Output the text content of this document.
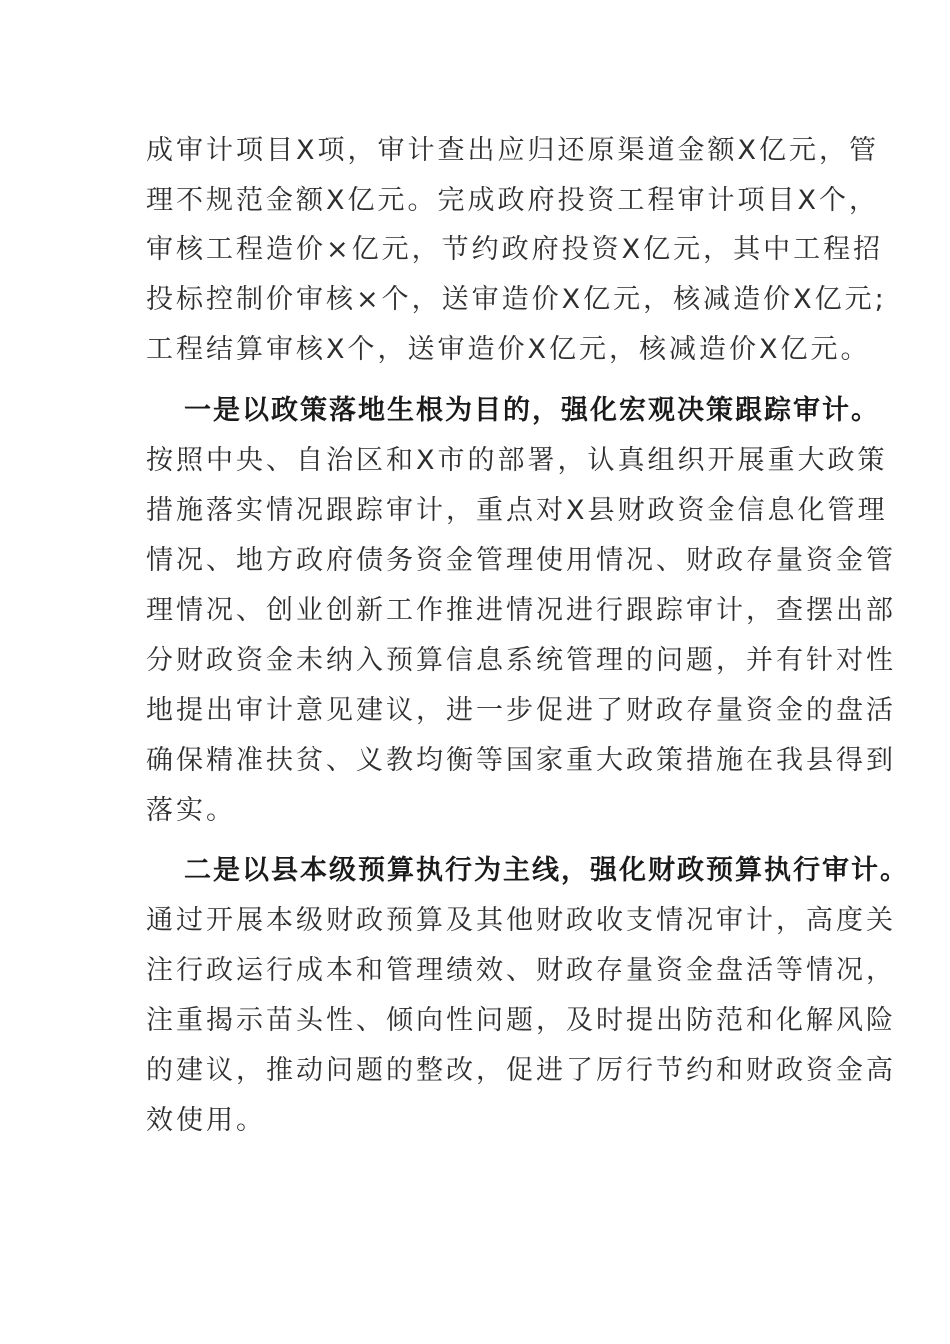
成审计项目X项，审计查出应归还原渠道金额X亿元，管
理不规范金额X亿元。完成政府投资工程审计项目X个，
审核工程造价×亿元，节约政府投资X亿元，其中工程招
投标控制价审核×个，送审造价X亿元，核减造价X亿元;
工程结算审核X个，送审造价X亿元，核减造价X亿元。
一是以政策落地生根为目的，强化宏观决策跟踪审计。
按照中央、自治区和X市的部署，认真组织开展重大政策
措施落实情况跟踪审计，重点对X县财政资金信息化管理
情况、地方政府债务资金管理使用情况、财政存量资金管
理情况、创业创新工作推进情况进行跟踪审计，查摆出部
分财政资金未纳入预算信息系统管理的问题，并有针对性
地提出审计意见建议，进一步促进了财政存量资金的盘活
确保精准扶贫、义教均衡等国家重大政策措施在我县得到
落实。
二是以县本级预算执行为主线，强化财政预算执行审计。
通过开展本级财政预算及其他财政收支情况审计，高度关
注行政运行成本和管理绩效、财政存量资金盘活等情况，
注重揭示苗头性、倾向性问题，及时提出防范和化解风险
的建议，推动问题的整改，促进了厉行节约和财政资金高
效使用。
